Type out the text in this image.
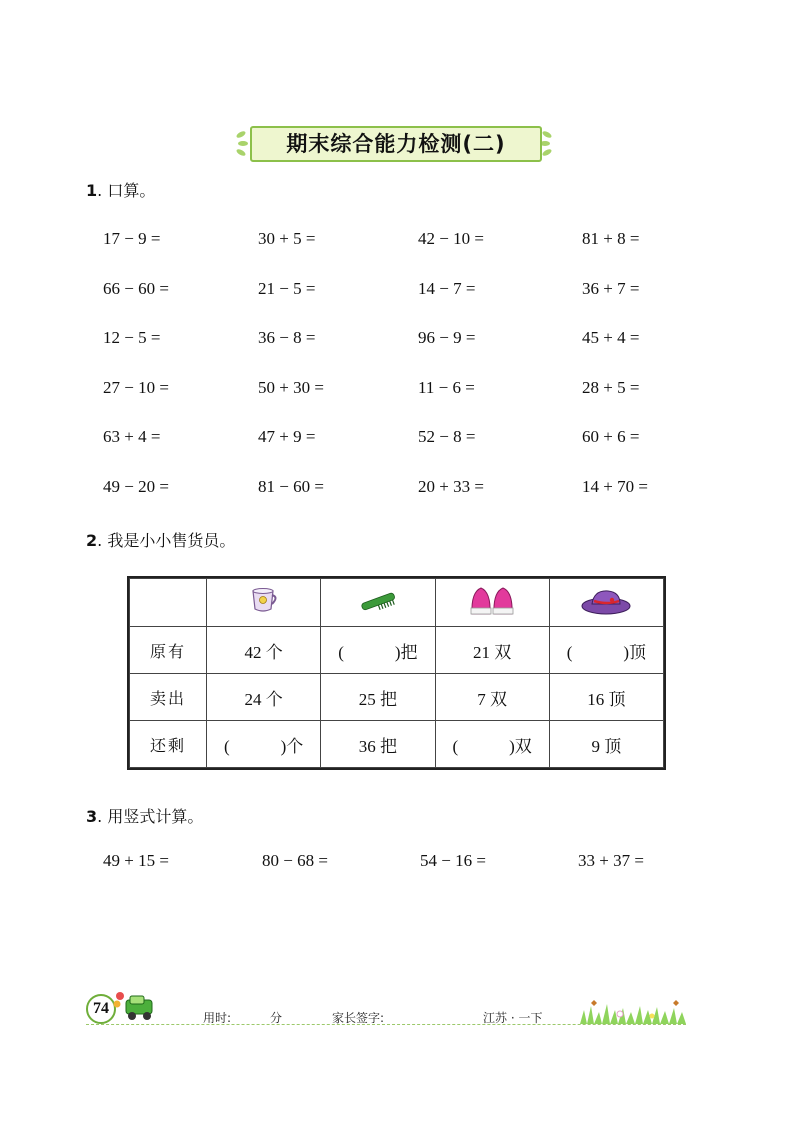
期末综合能力检测(二)
1. 口算。
17 − 9 =	30 + 5 =	42 − 10 =	81 + 8 =
66 − 60 =	21 − 5 =	14 − 7 =	36 + 7 =
12 − 5 =	36 − 8 =	96 − 9 =	45 + 4 =
27 − 10 =	50 + 30 =	11 − 6 =	28 + 5 =
63 + 4 =	47 + 9 =	52 − 8 =	60 + 6 =
49 − 20 =	81 − 60 =	20 + 33 =	14 + 70 =
2. 我是小小售货员。

原有	42 个	(　　　)把	21 双	(　　　)顶
卖出	24 个	25 把	7 双	16 顶
还剩	(　　　)个	36 把	(　　　)双	9 顶
3. 用竖式计算。
49 + 15 =	80 − 68 =	54 − 16 =	33 + 37 =
74
用时:	分	家长签字:	江苏 · 一下
